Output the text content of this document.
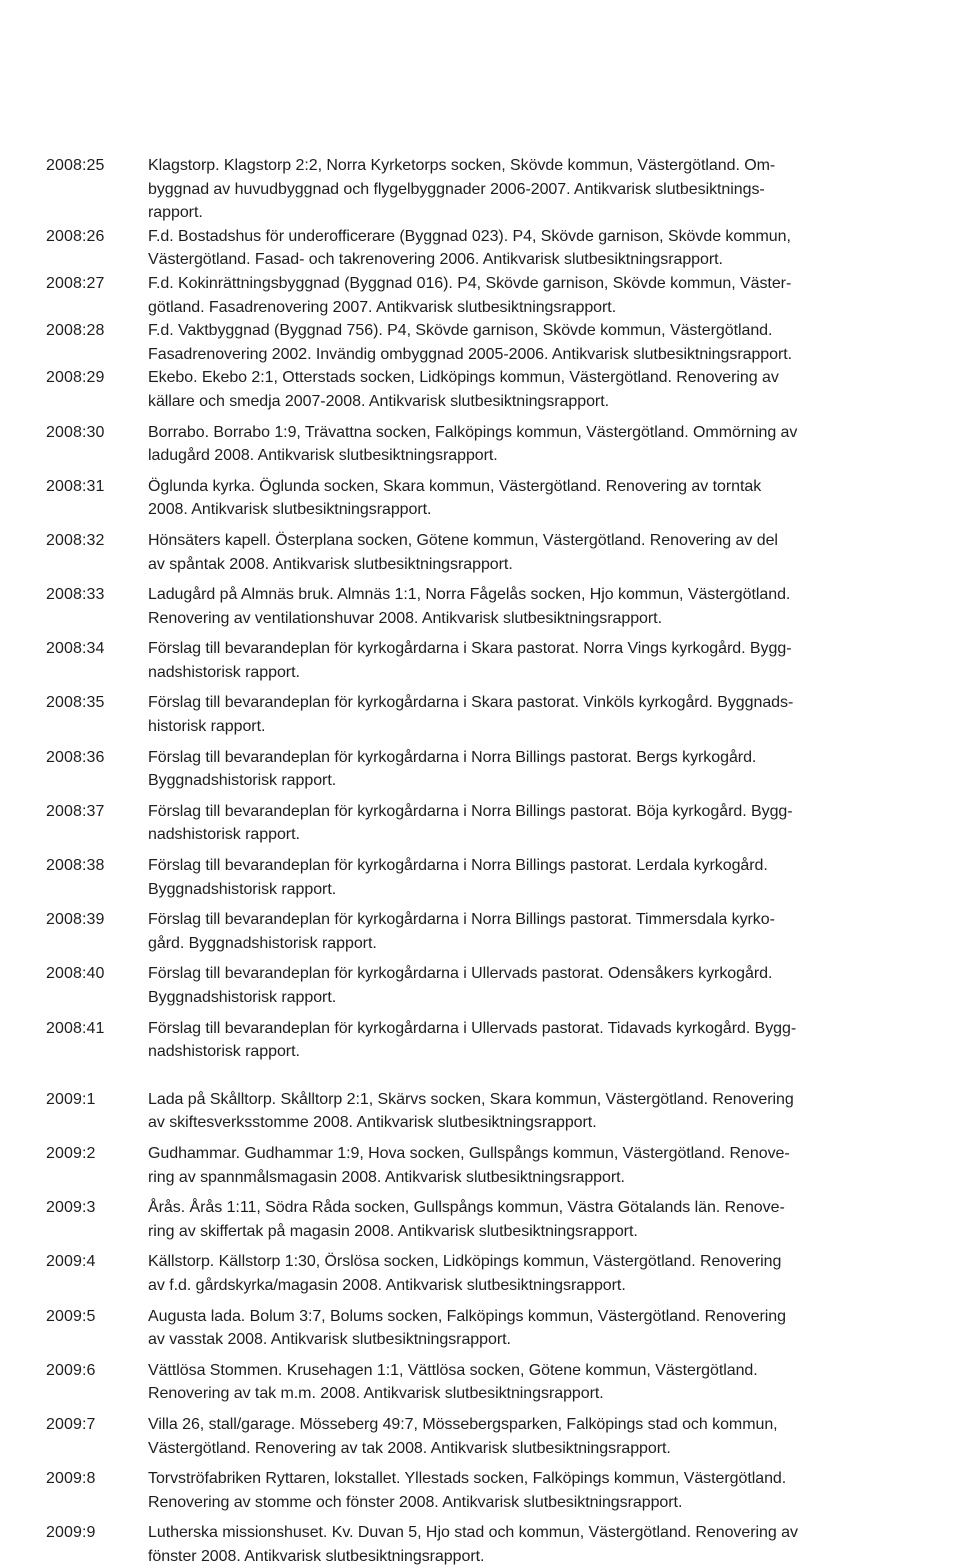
2008:25	Klagstorp. Klagstorp 2:2, Norra Kyrketorps socken, Skövde kommun, Västergötland. Om-
byggnad av huvudbyggnad och flygelbyggnader 2006-2007. Antikvarisk slutbesiktnings-
rapport.
2008:26	F.d. Bostadshus för underofficerare (Byggnad 023). P4, Skövde garnison, Skövde kommun,
Västergötland. Fasad- och takrenovering 2006. Antikvarisk slutbesiktningsrapport.
2008:27	F.d. Kokinrättningsbyggnad (Byggnad 016). P4, Skövde garnison, Skövde kommun, Väster-
götland. Fasadrenovering 2007. Antikvarisk slutbesiktningsrapport.
2008:28	F.d. Vaktbyggnad (Byggnad 756). P4, Skövde garnison, Skövde kommun, Västergötland.
Fasadrenovering 2002. Invändig ombyggnad 2005-2006. Antikvarisk slutbesiktningsrapport.
2008:29	Ekebo. Ekebo 2:1, Otterstads socken, Lidköpings kommun, Västergötland. Renovering av
källare och smedja 2007-2008. Antikvarisk slutbesiktningsrapport.
2008:30	Borrabo. Borrabo 1:9, Trävattna socken, Falköpings kommun, Västergötland. Ommörning av
ladugård 2008. Antikvarisk slutbesiktningsrapport.
2008:31	Öglunda kyrka. Öglunda socken, Skara kommun, Västergötland. Renovering av torntak
2008. Antikvarisk slutbesiktningsrapport.
2008:32	Hönsäters kapell. Österplana socken, Götene kommun, Västergötland. Renovering av del
av spåntak 2008. Antikvarisk slutbesiktningsrapport.
2008:33	Ladugård på Almnäs bruk. Almnäs 1:1, Norra Fågelås socken, Hjo kommun, Västergötland.
Renovering av ventilationshuvar 2008. Antikvarisk slutbesiktningsrapport.
2008:34	Förslag till bevarandeplan för kyrkogårdarna i Skara pastorat. Norra Vings kyrkogård. Bygg-
nadshistorisk rapport.
2008:35	Förslag till bevarandeplan för kyrkogårdarna i Skara pastorat. Vinköls kyrkogård. Byggnads-
historisk rapport.
2008:36	Förslag till bevarandeplan för kyrkogårdarna i Norra Billings pastorat. Bergs kyrkogård.
Byggnadshistorisk rapport.
2008:37	Förslag till bevarandeplan för kyrkogårdarna i Norra Billings pastorat. Böja kyrkogård. Bygg-
nadshistorisk rapport.
2008:38	Förslag till bevarandeplan för kyrkogårdarna i Norra Billings pastorat. Lerdala kyrkogård.
Byggnadshistorisk rapport.
2008:39	Förslag till bevarandeplan för kyrkogårdarna i Norra Billings pastorat. Timmersdala kyrko-
gård. Byggnadshistorisk rapport.
2008:40	Förslag till bevarandeplan för kyrkogårdarna i Ullervads pastorat. Odensåkers kyrkogård.
Byggnadshistorisk rapport.
2008:41	Förslag till bevarandeplan för kyrkogårdarna i Ullervads pastorat. Tidavads kyrkogård. Bygg-
nadshistorisk rapport.
2009:1	Lada på Skålltorp. Skålltorp 2:1, Skärvs socken, Skara kommun, Västergötland. Renovering
av skiftesverksstomme 2008. Antikvarisk slutbesiktningsrapport.
2009:2	Gudhammar. Gudhammar 1:9, Hova socken, Gullspångs kommun, Västergötland. Renove-
ring av spannmålsmagasin 2008. Antikvarisk slutbesiktningsrapport.
2009:3	Årås. Årås 1:11, Södra Råda socken, Gullspångs kommun, Västra Götalands län. Renove-
ring av skiffertak på magasin 2008. Antikvarisk slutbesiktningsrapport.
2009:4	Källstorp. Källstorp 1:30, Örslösa socken, Lidköpings kommun, Västergötland. Renovering
av f.d. gårdskyrka/magasin 2008. Antikvarisk slutbesiktningsrapport.
2009:5	Augusta lada. Bolum 3:7, Bolums socken, Falköpings kommun, Västergötland. Renovering
av vasstak 2008. Antikvarisk slutbesiktningsrapport.
2009:6	Vättlösa Stommen. Krusehagen 1:1, Vättlösa socken, Götene kommun, Västergötland.
Renovering av tak m.m. 2008. Antikvarisk slutbesiktningsrapport.
2009:7	Villa 26, stall/garage. Mösseberg 49:7, Mössebergsparken, Falköpings stad och kommun,
Västergötland. Renovering av tak 2008. Antikvarisk slutbesiktningsrapport.
2009:8	Torvströfabriken Ryttaren, lokstallet. Yllestads socken, Falköpings kommun, Västergötland.
Renovering av stomme och fönster 2008. Antikvarisk slutbesiktningsrapport.
2009:9	Lutherska missionshuset. Kv. Duvan 5, Hjo stad och kommun, Västergötland. Renovering av
fönster 2008. Antikvarisk slutbesiktningsrapport.
